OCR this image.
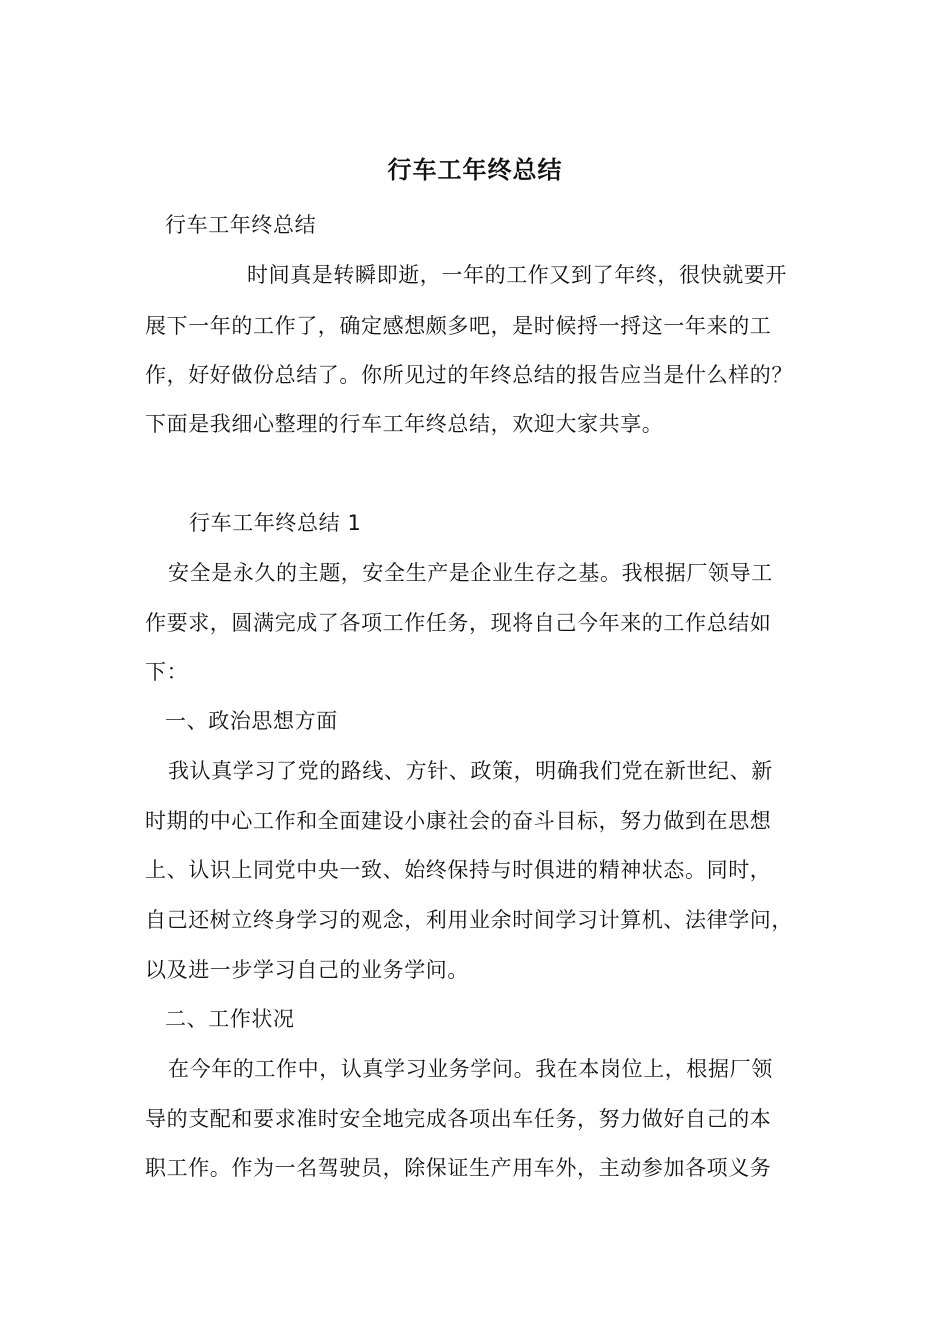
行车工年终总结
行车工年终总结
时间真是转瞬即逝，一年的工作又到了年终，很快就要开
展下一年的工作了，确定感想颇多吧，是时候捋一捋这一年来的工
作，好好做份总结了。你所见过的年终总结的报告应当是什么样的？
下面是我细心整理的行车工年终总结，欢迎大家共享。
行车工年终总结 1
安全是永久的主题，安全生产是企业生存之基。我根据厂领导工
作要求，圆满完成了各项工作任务，现将自己今年来的工作总结如
下：
一、政治思想方面
我认真学习了党的路线、方针、政策，明确我们党在新世纪、新
时期的中心工作和全面建设小康社会的奋斗目标，努力做到在思想
上、认识上同党中央一致、始终保持与时俱进的精神状态。同时，
自己还树立终身学习的观念，利用业余时间学习计算机、法律学问，
以及进一步学习自己的业务学问。
二、工作状况
在今年的工作中，认真学习业务学问。我在本岗位上，根据厂领
导的支配和要求准时安全地完成各项出车任务，努力做好自己的本
职工作。作为一名驾驶员，除保证生产用车外，主动参加各项义务
